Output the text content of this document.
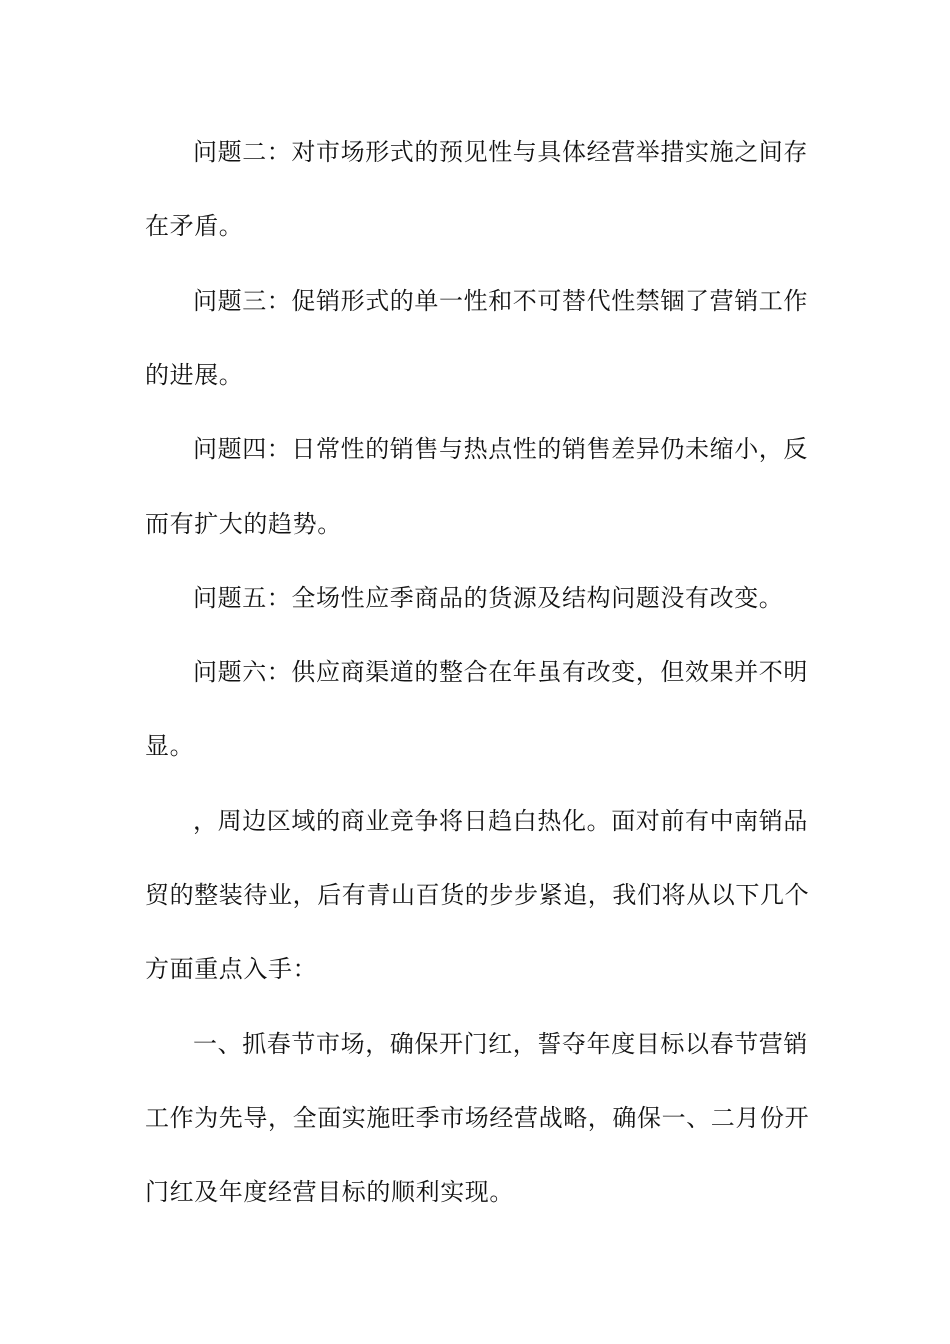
问题二：对市场形式的预见性与具体经营举措实施之间存
在矛盾。
问题三：促销形式的单一性和不可替代性禁锢了营销工作
的进展。
问题四：日常性的销售与热点性的销售差异仍未缩小，反
而有扩大的趋势。
问题五：全场性应季商品的货源及结构问题没有改变。
问题六：供应商渠道的整合在年虽有改变，但效果并不明
显。
，周边区域的商业竞争将日趋白热化。面对前有中南销品
贸的整装待业，后有青山百货的步步紧追，我们将从以下几个
方面重点入手：
一、抓春节市场，确保开门红，誓夺年度目标以春节营销
工作为先导，全面实施旺季市场经营战略，确保一、二月份开
门红及年度经营目标的顺利实现。
